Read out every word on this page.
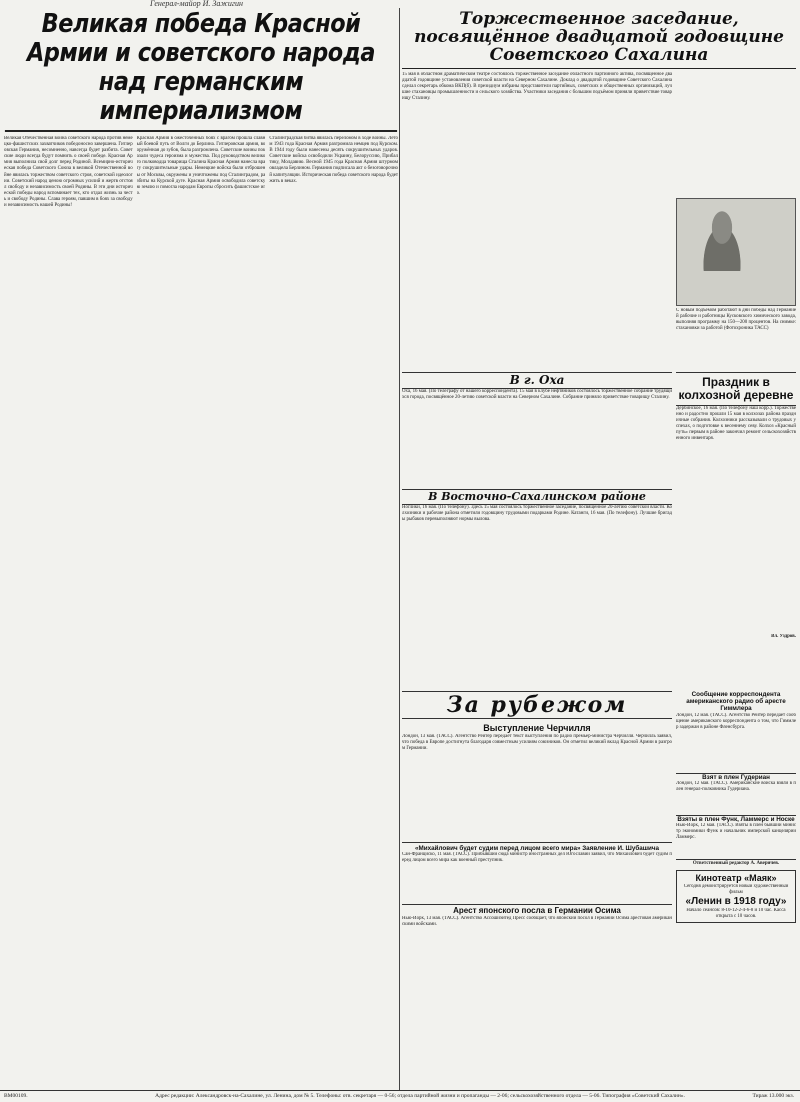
Генерал-майор И. Зажигин
Великая победа Красной Армии и советского народа над германским империализмом
Великая Отечественная война советского народа против немецко-фашистских захватчиков победоносно завершена. Гитлеровская Германия, несомненно, навсегда будет разбита. Советские люди всегда будут помнить о своей победе. Красная Армия выполнила свой долг перед Родиной. Всемирно-историческая победа Советского Союза в великой Отечественной войне явилась торжеством советского строя, советской идеологии. Советский народ ценою огромных усилий и жертв отстоял свободу и независимость своей Родины. В эти дни исторической победы народ вспоминает тех, кто отдал жизнь за честь и свободу Родины. Слава героям, павшим в боях за свободу и независимость нашей Родины!
Красная Армия в ожесточённых боях с врагом прошла славный боевой путь от Волги до Берлина. Гитлеровская армия, вооружённая до зубов, была разгромлена. Советские воины показали чудеса героизма и мужества. Под руководством великого полководца товарища Сталина Красная Армия нанесла врагу сокрушительные удары. Немецкие войска были отброшены от Москвы, окружены и уничтожены под Сталинградом, разбиты на Курской дуге. Красная Армия освободила советскую землю и помогла народам Европы сбросить фашистское иго.
Сталинградская битва явилась переломом в ходе войны. Летом 1943 года Красная Армия разгромила немцев под Курском. В 1944 году были нанесены десять сокрушительных ударов. Советские войска освободили Украину, Белоруссию, Прибалтику, Молдавию. Весной 1945 года Красная Армия штурмом овладела Берлином. Германия подписала акт о безоговорочной капитуляции. Историческая победа советского народа будет жить в веках.
Торжественное заседание, посвящённое двадцатой годовщине Советского Сахалина
15 мая в областном драматическом театре состоялось торжественное заседание областного партийного актива, посвящённое двадцатой годовщине установления советской власти на Северном Сахалине. Доклад о двадцатой годовщине Советского Сахалина сделал секретарь обкома ВКП(б). В президиум избраны представители партийных, советских и общественных организаций, лучшие стахановцы промышленности и сельского хозяйства. Участники заседания с большим подъёмом приняли приветствие товарищу Сталину.
В г. Оха
Оха, 16 мая. (По телеграфу от нашего корреспондента). 15 мая в клубе нефтяников состоялось торжественное собрание трудящихся города, посвящённое 20-летию советской власти на Северном Сахалине. Собрание приняло приветствие товарищу Сталину.
В Восточно-Сахалинском районе
Ноглики, 16 мая. (По телефону). Здесь 15 мая состоялось торжественное заседание, посвящённое 20-летию советской власти. Колхозники и рабочие района отметили годовщину трудовыми подарками Родине. Катанги, 16 мая. (По телефону). Лучшие бригады рыбаков перевыполняют нормы вылова.
С новым подъёмом работают в дни победы над Германией рабочие и работницы Кусковского химического завода, выполняя программу на 150—200 процентов. На снимке: стахановки за работой (Фотохроника ТАСС)
Праздник в колхозной деревне
Дербинское, 16 мая. (По телефону наш корр.). Торжественно и радостно прошли 15 мая в колхозах района праздничные собрания. Колхозники рассказывали о трудовых успехах, о подготовке к весеннему севу. Колхоз «Красный путь» первым в районе закончил ремонт сельскохозяйственного инвентаря.
Вл. Уздров.
За рубежом
Выступление Черчилля
Лондон, 13 мая. (ТАСС). Агентство Рейтер передаёт текст выступления по радио премьер-министра Черчилля. Черчилль заявил, что победа в Европе достигнута благодаря совместным усилиям союзников. Он отметил великий вклад Красной Армии в разгром Германии.
«Михайлович будет судим перед лицом всего мира» Заявление И. Шубашича
Сан-Франциско, 11 мая. (ТАСС). Прибывший сюда министр иностранных дел Югославии заявил, что Михайлович будет судим перед лицом всего мира как военный преступник.
Арест японского посла в Германии Осима
Нью-Йорк, 13 мая. (ТАСС). Агентство Ассошиэйтед Пресс сообщает, что японский посол в Германии Осима арестован американскими войсками.
Сообщение корреспондента американского радио об аресте Гиммлера
Лондон, 12 мая. (ТАСС). Агентство Рейтер передаёт сообщение американского корреспондента о том, что Гиммлер задержан в районе Фленсбурга.
Взят в плен Гудериан
Лондон, 12 мая. (ТАСС). Американские войска взяли в плен генерал-полковника Гудериана.
Взяты в плен Функ, Ламмерс и Носке
Нью-Йорк, 12 мая. (ТАСС). Взяты в плен бывший министр экономики Функ и начальник имперской канцелярии Ламмерс.
Ответственный редактор А. Аверичев.
Кинотеатр «Маяк»
Сегодня демонстрируется новый художественный фильм
«Ленин в 1918 году»
Начало сеансов: 8-10-12-2-4-6-8 и 10 час. Касса открыта с 10 часов.
ВМ00109.	Адрес редакции: Александровск-на-Сахалине, ул. Ленина, дом № 5. Телефоны: отв. секретаря — 0-56; отдела партийной жизни и пропаганды — 2-06; сельскохозяйственного отдела — 5-06. Типография «Советский Сахалин».	Тираж 13.000 экз.
